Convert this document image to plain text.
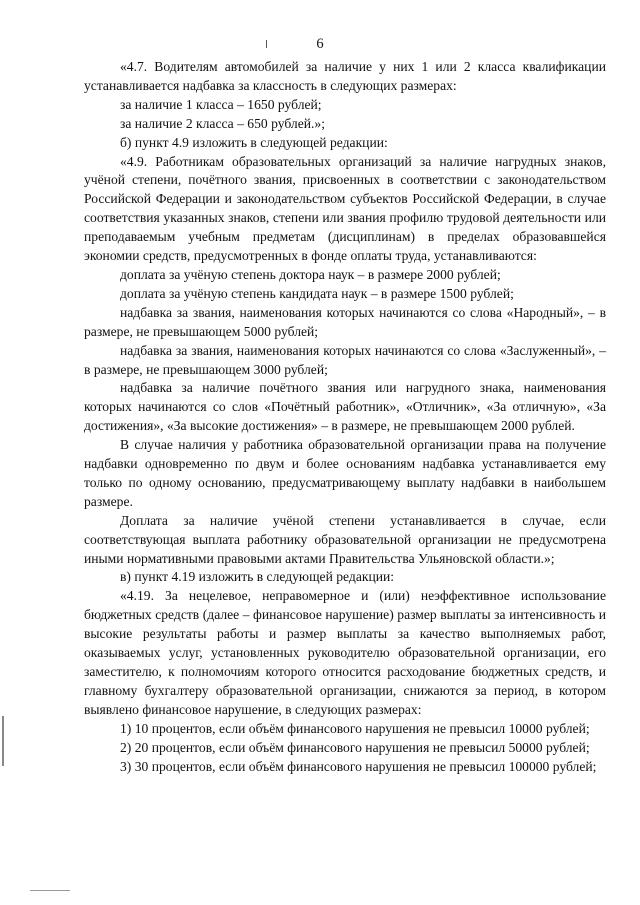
6

«4.7. Водителям автомобилей за наличие у них 1 или 2 класса квалификации устанавливается надбавка за классность в следующих размерах:

за наличие 1 класса – 1650 рублей;

за наличие 2 класса – 650 рублей.»;

б) пункт 4.9 изложить в следующей редакции:

«4.9. Работникам образовательных организаций за наличие нагрудных знаков, учёной степени, почётного звания, присвоенных в соответствии с законодательством Российской Федерации и законодательством субъектов Российской Федерации, в случае соответствия указанных знаков, степени или звания профилю трудовой деятельности или преподаваемым учебным предметам (дисциплинам) в пределах образовавшейся экономии средств, предусмотренных в фонде оплаты труда, устанавливаются:

доплата за учёную степень доктора наук – в размере 2000 рублей;

доплата за учёную степень кандидата наук – в размере 1500 рублей;

надбавка за звания, наименования которых начинаются со слова «Народный», – в размере, не превышающем 5000 рублей;

надбавка за звания, наименования которых начинаются со слова «Заслуженный», – в размере, не превышающем 3000 рублей;

надбавка за наличие почётного звания или нагрудного знака, наименования которых начинаются со слов «Почётный работник», «Отличник», «За отличную», «За достижения», «За высокие достижения» – в размере, не превышающем 2000 рублей.

В случае наличия у работника образовательной организации права на получение надбавки одновременно по двум и более основаниям надбавка устанавливается ему только по одному основанию, предусматривающему выплату надбавки в наибольшем размере.

Доплата за наличие учёной степени устанавливается в случае, если соответствующая выплата работнику образовательной организации не предусмотрена иными нормативными правовыми актами Правительства Ульяновской области.»;

в) пункт 4.19 изложить в следующей редакции:

«4.19. За нецелевое, неправомерное и (или) неэффективное использование бюджетных средств (далее – финансовое нарушение) размер выплаты за интенсивность и высокие результаты работы и размер выплаты за качество выполняемых работ, оказываемых услуг, установленных руководителю образовательной организации, его заместителю, к полномочиям которого относится расходование бюджетных средств, и главному бухгалтеру образовательной организации, снижаются за период, в котором выявлено финансовое нарушение, в следующих размерах:

1) 10 процентов, если объём финансового нарушения не превысил 10000 рублей;

2) 20 процентов, если объём финансового нарушения не превысил 50000 рублей;

3) 30 процентов, если объём финансового нарушения не превысил 100000 рублей;
